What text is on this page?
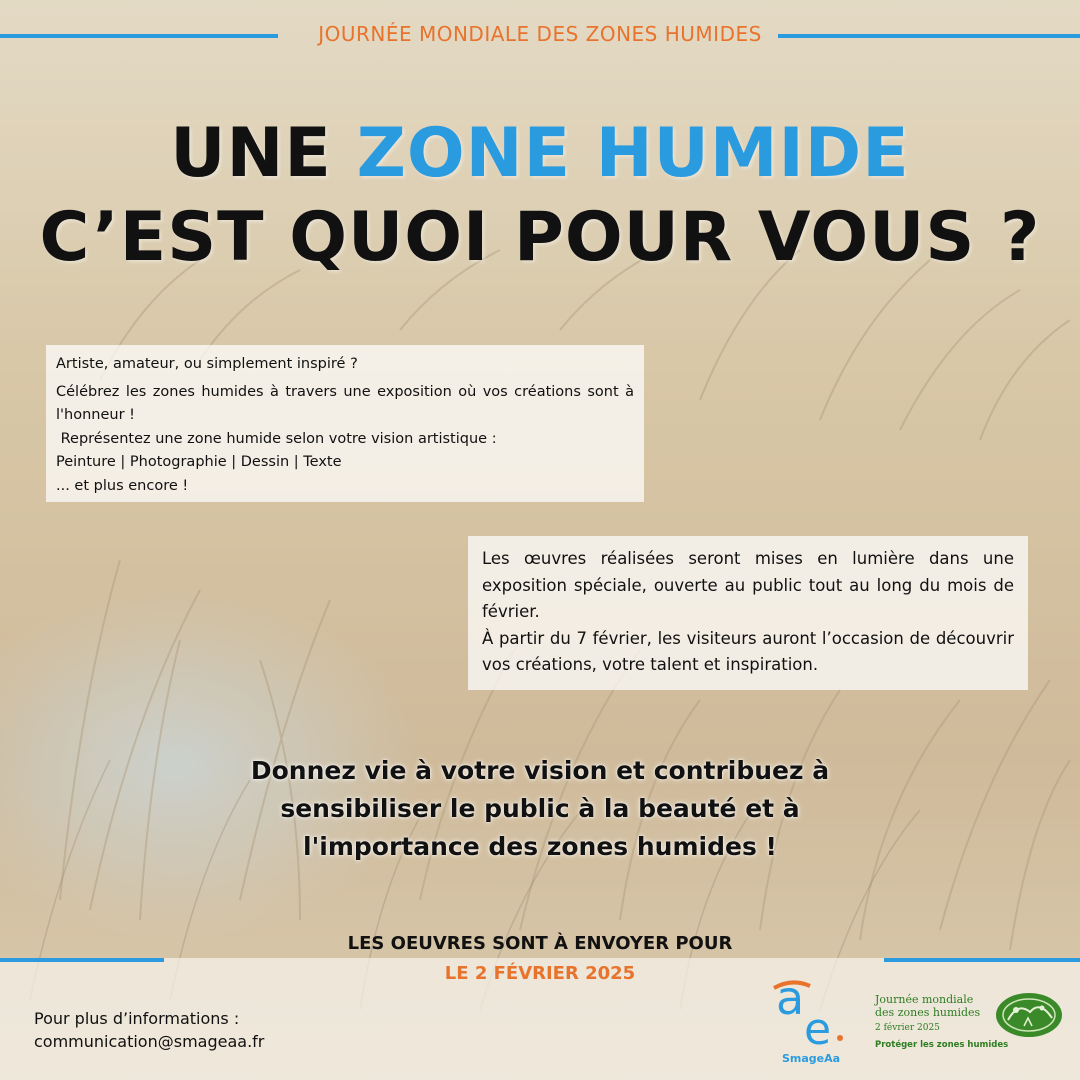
JOURNÉE MONDIALE DES ZONES HUMIDES
UNE ZONE HUMIDE
C’EST QUOI POUR VOUS ?

Artiste, amateur, ou simplement inspiré ?

Célébrez les zones humides à travers une exposition où vos créations sont à l'honneur !

Représentez une zone humide selon votre vision artistique :

Peinture | Photographie | Dessin | Texte

... et plus encore !

Les œuvres réalisées seront mises en lumière dans une exposition spéciale, ouverte au public tout au long du mois de février.

À partir du 7 février, les visiteurs auront l’occasion de découvrir vos créations, votre talent et inspiration.

Donnez vie à votre vision et contribuez à
sensibiliser le public à la beauté et à
l'importance des zones humides !
LES OEUVRES SONT À ENVOYER POUR
LE 2 FÉVRIER 2025
Pour plus d’informations :
communication@smageaa.fr
a
e
SmageAa
Journée mondiale des zones humides
2 février 2025
Protéger les zones humides
